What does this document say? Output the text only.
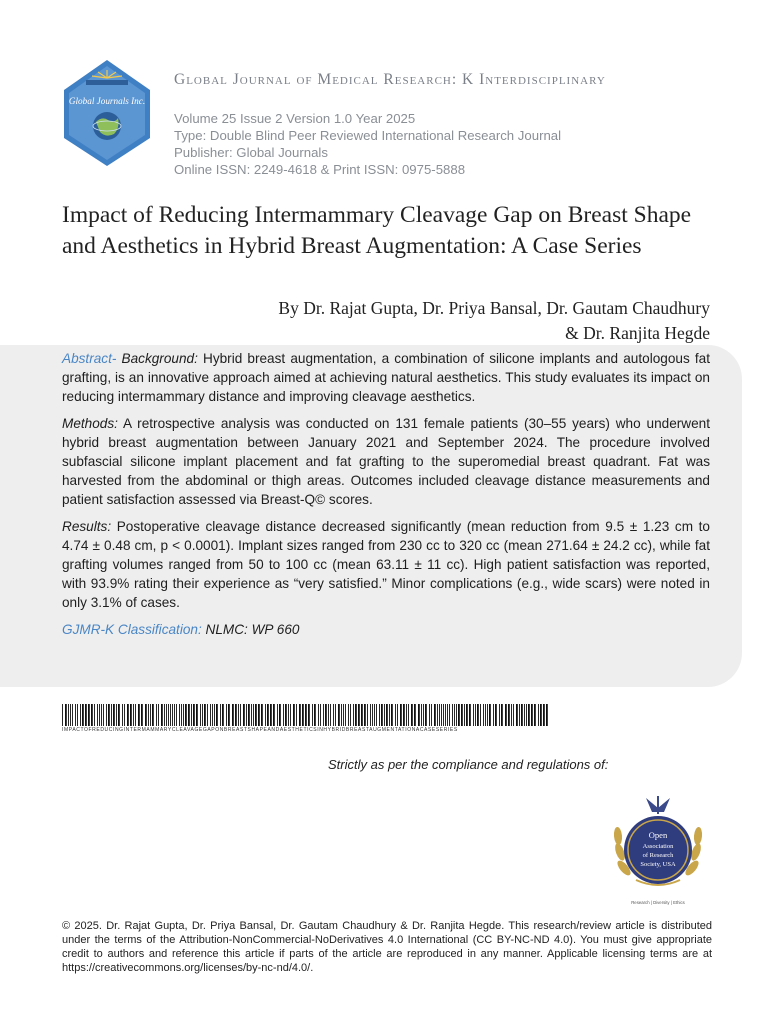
Global Journals Inc.
Global Journal of Medical Research: K Interdisciplinary
Volume 25 Issue 2 Version 1.0 Year 2025
Type: Double Blind Peer Reviewed International Research Journal
Publisher: Global Journals
Online ISSN: 2249-4618 & Print ISSN: 0975-5888
Impact of Reducing Intermammary Cleavage Gap on Breast Shape and Aesthetics in Hybrid Breast Augmentation: A Case Series
By Dr. Rajat Gupta, Dr. Priya Bansal, Dr. Gautam Chaudhury
& Dr. Ranjita Hegde

Abstract- Background: Hybrid breast augmentation, a combination of silicone implants and autologous fat grafting, is an innovative approach aimed at achieving natural aesthetics. This study evaluates its impact on reducing intermammary distance and improving cleavage aesthetics.

Methods: A retrospective analysis was conducted on 131 female patients (30–55 years) who underwent hybrid breast augmentation between January 2021 and September 2024. The procedure involved subfascial silicone implant placement and fat grafting to the superomedial breast quadrant. Fat was harvested from the abdominal or thigh areas. Outcomes included cleavage distance measurements and patient satisfaction assessed via Breast-Q© scores.

Results: Postoperative cleavage distance decreased significantly (mean reduction from 9.5 ± 1.23 cm to 4.74 ± 0.48 cm, p < 0.0001). Implant sizes ranged from 230 cc to 320 cc (mean 271.64 ± 24.2 cc), while fat grafting volumes ranged from 50 to 100 cc (mean 63.11 ± 11 cc). High patient satisfaction was reported, with 93.9% rating their experience as “very satisfied.” Minor complications (e.g., wide scars) were noted in only 3.1% of cases.

GJMR-K Classification: NLMC: WP 660

IMPACTOFREDUCINGINTERMAMMARYCLEAVAGEGAPONBREASTSHAPEANDAESTHETICSINHYBRIDBREASTAUGMENTATIONACASESERIES
Strictly as per the compliance and regulations of:
Open
Association
of Research
Society, USA
Research | Diversity | Ethics
© 2025. Dr. Rajat Gupta, Dr. Priya Bansal, Dr. Gautam Chaudhury & Dr. Ranjita Hegde. This research/review article is distributed under the terms of the Attribution-NonCommercial-NoDerivatives 4.0 International (CC BY-NC-ND 4.0). You must give appropriate credit to authors and reference this article if parts of the article are reproduced in any manner. Applicable licensing terms are at https://creativecommons.org/licenses/by-nc-nd/4.0/.
